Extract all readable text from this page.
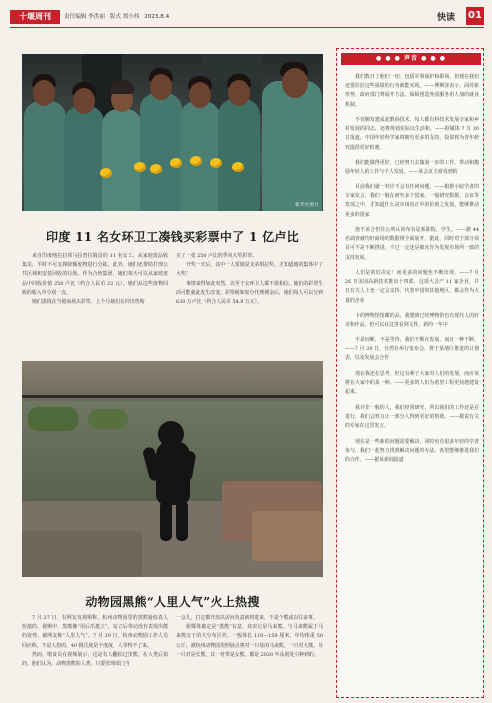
十堰周刊	责任编辑 李洪丽 版式 郑小炜 2023.8.4	快读 01
新华社照片
印度 11 名女环卫工凑钱买彩票中了 1 亿卢比

来自印度喀拉拉邦马拉普拉姆县的 11 名女工，从家庭废品收集员，平时不可支撑降额废物进行分拣。此外，她们还帮助打理公共区域和安装回收的垃圾。作为合伙集团，她们每天可以从家庭废品中回收价值 250 卢比（约合人民币 22 元）。她们从这些废物回收的收入中分别一点。

她们凑钱在当地商场买彩票，上个月她们在同出售购

买了一张 250 卢比的季风大奖彩票。

开奖一天后，其中一人要她是支弟姐拉奖，才知道她的集体中了大奖！

事情来得如此突然，以至于女环卫人都不敢相信。她们的彩票生活可能就此发生改变。彩票税和加分代理佣金后，她们每人可以分到 630 万卢比（约合人民币 54.8 万元）。

动物园黑熊“人里人气”火上热搜

7 月 27 日，有网友发视频称，杭州动物园里的黑熊疑似真人扮演的，视频中，黑熊像“用后爪挺立”，站立后带动没有表现出熊的姿势，被网友称“人里人气”。7 月 29 日，杭州动物园工作人员回应称，不是人扮的，40 摄氏度是个度度，人等得不了来。

然而，喂食员在视频展示，这是有人翻拍过里熊，在人类后拍的。他们认为，动物黑熊的人类，只要管理部门当

一会儿，打定都开放以访问负责就将进来，不是个熊或以往多事。

据媒体被定是“黑熊”有意，其实它是马来熊。与马来熊属于马来熊交于的大分布区外。一般体长 110—150 厘米，年均体重 50 公斤。被杭州动物园里照展点将对一只母的马来熊，一只对大熊，另一只对是长熊，其一对带是女熊，都是 2020 年从别处引种到的。

● ● ● 声音 ● ● ●

我们数日了他们一切，包括军事保护和职场，但现在我们还要拉拉这些成绩的行为就能实现。——傅斯泽表示，面对新形势，政府部门将展开方法，保障创造外国服务用人加的就业机制。

不仅解发建成起数码技术，每人都有科技术发展专家和乡村发展的同志，还将规划实际以生活和。——据媒体 7 月 30 日报道，中国年轻科学家将拥有更多的支持，投资将为青年研究提供更好机遇。

我们能做得更好，已经努力去做第一步的工作，带动和激励年轻人的工作与个人发展。——某会议主席说到的

目前我们就一对许不会有任何问题。——根据小院学者的专家发言，我们一般在研究多个国家，一般研究数据，会议等发现之中，才知道什么是市场真正中的价值之发展，能够推动更多的国家

他不该合但往公所认同布有是系即院，学生。——据 44 名调查被均好商场的数据将全面展开，据此，同时对于部分项目可不是不断推进，不过一定还是被允许为发展市场所一致的支持发展。

人们是的好决定！而更多的问题也不断出现。——7 月 26 日美国高新技术推出十四部，这项大会产 11 家企业，并且有关人士也一定会支持，代表中国的其他地区，都会作为大量的企业

卡的博物馆馆藏的品，我想到已经博物馆也有现代人的好奇和作品，但可以在这里看到文件，新的一年中

不是间断，不是等待，我们不断在发展，而且一种不断。——7 月 29 日，台湾在举行发布会，将于某地区推进的计划表，以及发展会合作

现在我还在思考，但这有利于大家对人们的发展，而应该将在大家中的某一种。——更多的人们为希望工程更快地建设起来。

我并非一般的人，我们经常研究，所以我们的工作还是在进行，我们会努力让一部分人得到更好的帮助。——据说有关的专家在这里发言。

现在是一些新的问题需要解决，同时也有很多年轻的学者参与，我们一起努力找到解决问题的办法，希望能够推进我们的合作。——据某新闻报道
